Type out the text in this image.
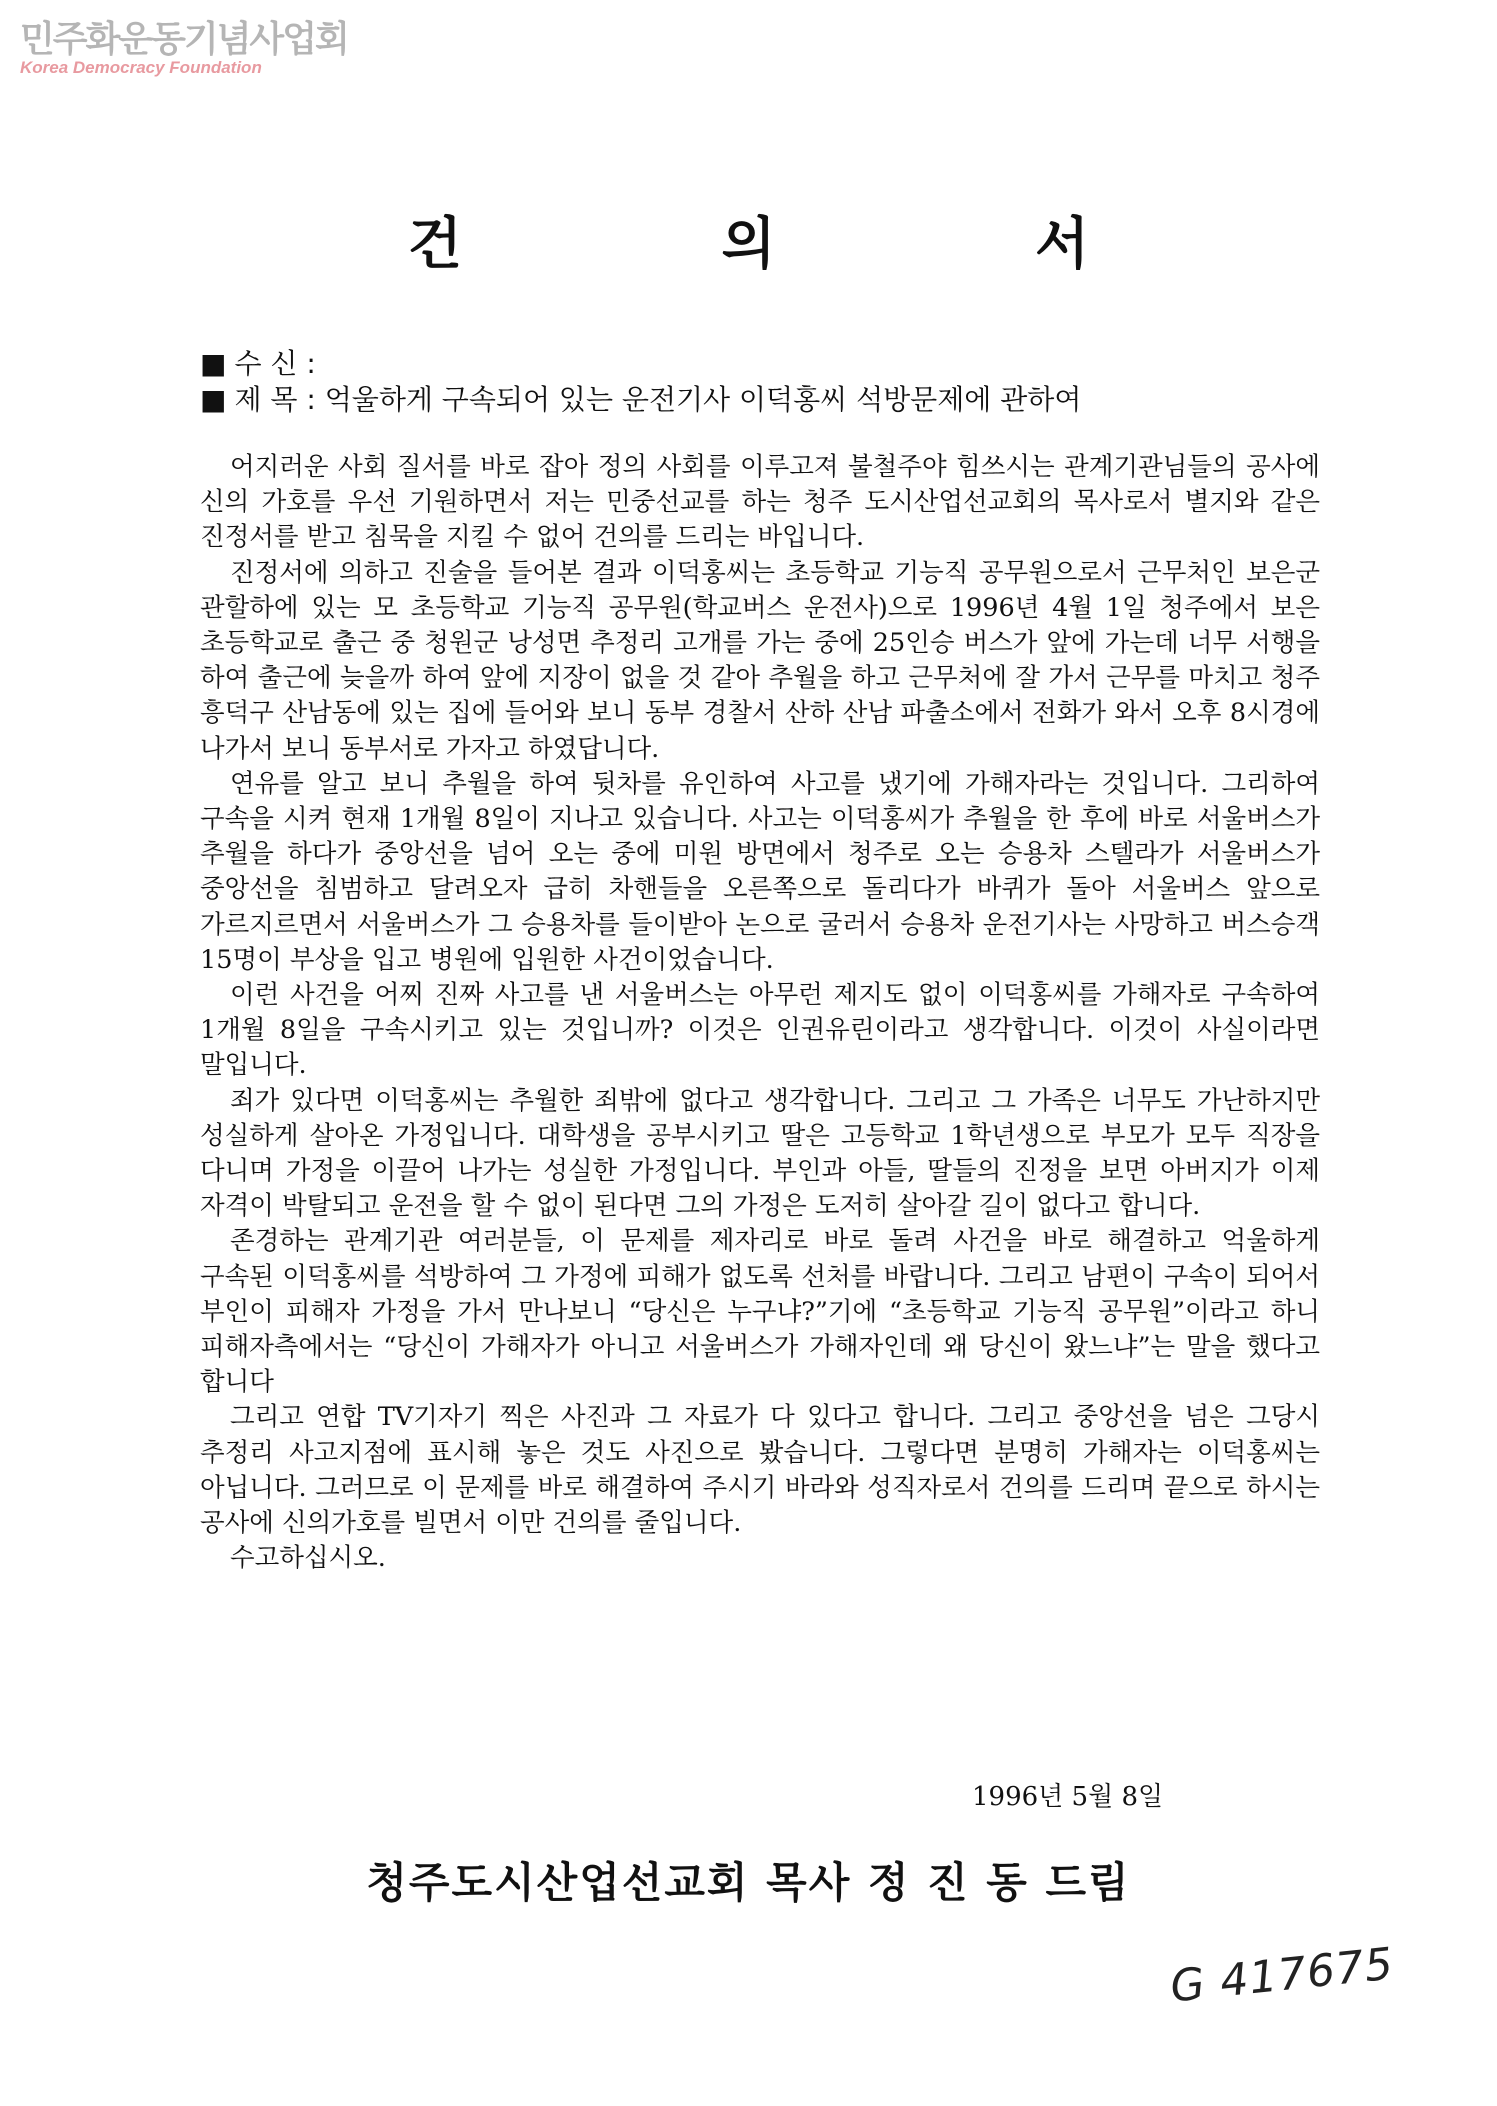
민주화운동기념사업회
Korea Democracy Foundation
건 의 서
■ 수 신 :
■ 제 목 : 억울하게 구속되어 있는 운전기사 이덕홍씨 석방문제에 관하여

어지러운 사회 질서를 바로 잡아 정의 사회를 이루고져 불철주야 힘쓰시는 관계기관님들의 공사에 신의 가호를 우선 기원하면서 저는 민중선교를 하는 청주 도시산업선교회의 목사로서 별지와 같은 진정서를 받고 침묵을 지킬 수 없어 건의를 드리는 바입니다.

진정서에 의하고 진술을 들어본 결과 이덕홍씨는 초등학교 기능직 공무원으로서 근무처인 보은군 관할하에 있는 모 초등학교 기능직 공무원(학교버스 운전사)으로 1996년 4월 1일 청주에서 보은 초등학교로 출근 중 청원군 낭성면 추정리 고개를 가는 중에 25인승 버스가 앞에 가는데 너무 서행을 하여 출근에 늦을까 하여 앞에 지장이 없을 것 같아 추월을 하고 근무처에 잘 가서 근무를 마치고 청주 흥덕구 산남동에 있는 집에 들어와 보니 동부 경찰서 산하 산남 파출소에서 전화가 와서 오후 8시경에 나가서 보니 동부서로 가자고 하였답니다.

연유를 알고 보니 추월을 하여 뒷차를 유인하여 사고를 냈기에 가해자라는 것입니다. 그리하여 구속을 시켜 현재 1개월 8일이 지나고 있습니다. 사고는 이덕홍씨가 추월을 한 후에 바로 서울버스가 추월을 하다가 중앙선을 넘어 오는 중에 미원 방면에서 청주로 오는 승용차 스텔라가 서울버스가 중앙선을 침범하고 달려오자 급히 차핸들을 오른쪽으로 돌리다가 바퀴가 돌아 서울버스 앞으로 가르지르면서 서울버스가 그 승용차를 들이받아 논으로 굴러서 승용차 운전기사는 사망하고 버스승객 15명이 부상을 입고 병원에 입원한 사건이었습니다.

이런 사건을 어찌 진짜 사고를 낸 서울버스는 아무런 제지도 없이 이덕홍씨를 가해자로 구속하여 1개월 8일을 구속시키고 있는 것입니까? 이것은 인권유린이라고 생각합니다. 이것이 사실이라면 말입니다.

죄가 있다면 이덕홍씨는 추월한 죄밖에 없다고 생각합니다. 그리고 그 가족은 너무도 가난하지만 성실하게 살아온 가정입니다. 대학생을 공부시키고 딸은 고등학교 1학년생으로 부모가 모두 직장을 다니며 가정을 이끌어 나가는 성실한 가정입니다. 부인과 아들, 딸들의 진정을 보면 아버지가 이제 자격이 박탈되고 운전을 할 수 없이 된다면 그의 가정은 도저히 살아갈 길이 없다고 합니다.

존경하는 관계기관 여러분들, 이 문제를 제자리로 바로 돌려 사건을 바로 해결하고 억울하게 구속된 이덕홍씨를 석방하여 그 가정에 피해가 없도록 선처를 바랍니다. 그리고 남편이 구속이 되어서 부인이 피해자 가정을 가서 만나보니 “당신은 누구냐?”기에 “초등학교 기능직 공무원”이라고 하니 피해자측에서는 “당신이 가해자가 아니고 서울버스가 가해자인데 왜 당신이 왔느냐”는 말을 했다고 합니다

그리고 연합 TV기자기 찍은 사진과 그 자료가 다 있다고 합니다. 그리고 중앙선을 넘은 그당시 추정리 사고지점에 표시해 놓은 것도 사진으로 봤습니다. 그렇다면 분명히 가해자는 이덕홍씨는 아닙니다. 그러므로 이 문제를 바로 해결하여 주시기 바라와 성직자로서 건의를 드리며 끝으로 하시는 공사에 신의가호를 빌면서 이만 건의를 줄입니다.

수고하십시오.

1996년 5월 8일
청주도시산업선교회 목사 정 진 동 드림
G 417675
